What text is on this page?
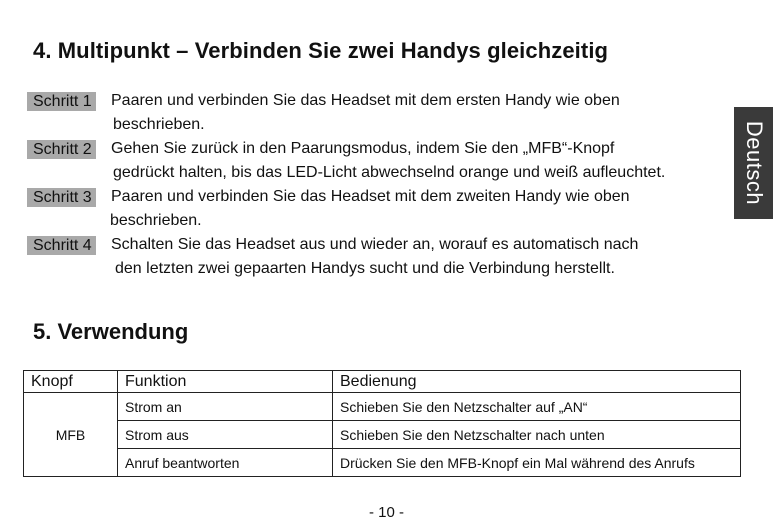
4. Multipunkt – Verbinden Sie zwei Handys gleichzeitig
Schritt 1 Paaren und verbinden Sie das Headset mit dem ersten Handy wie oben
beschrieben.
Schritt 2 Gehen Sie zurück in den Paarungsmodus, indem Sie den „MFB“-Knopf
gedrückt halten, bis das LED-Licht abwechselnd orange und weiß aufleuchtet.
Schritt 3 Paaren und verbinden Sie das Headset mit dem zweiten Handy wie oben
beschrieben.
Schritt 4 Schalten Sie das Headset aus und wieder an, worauf es automatisch nach
den letzten zwei gepaarten Handys sucht und die Verbindung herstellt.
Deutsch
5. Verwendung
Knopf	Funktion	Bedienung
MFB	Strom an	Schieben Sie den Netzschalter auf „AN“
	Strom aus	Schieben Sie den Netzschalter nach unten
	Anruf beantworten	Drücken Sie den MFB-Knopf ein Mal während des Anrufs
- 10 -
